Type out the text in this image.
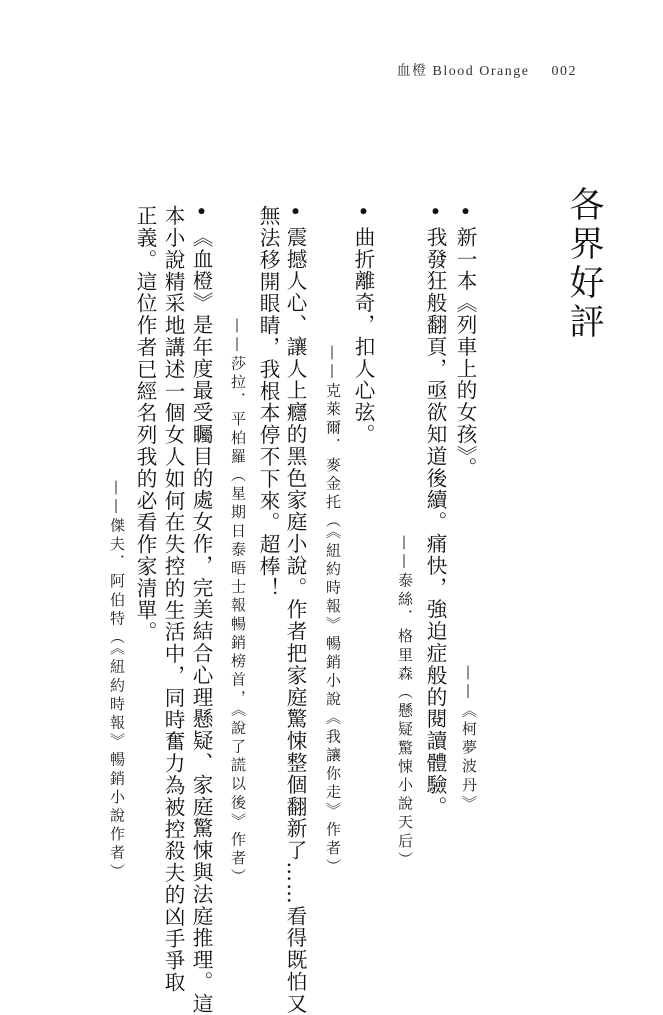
血橙 Blood Orange 002
各界好評
• 新一本《列車上的女孩》。
——《柯夢波丹》
• 我發狂般翻頁，亟欲知道後續。痛快，強迫症般的閱讀體驗。
——泰絲．格里森（懸疑驚悚小說天后）
• 曲折離奇，扣人心弦。
——克萊爾．麥金托（《紐約時報》暢銷小說《我讓你走》作者）
• 震撼人心、讓人上癮的黑色家庭小說。作者把家庭驚悚整個翻新了……看得既怕又
無法移開眼睛，我根本停不下來。超棒！
——莎拉．平柏羅（星期日泰晤士報暢銷榜首，《說了謊以後》作者）
• 《血橙》是年度最受矚目的處女作，完美結合心理懸疑、家庭驚悚與法庭推理。這
本小說精采地講述一個女人如何在失控的生活中，同時奮力為被控殺夫的凶手爭取
正義。這位作者已經名列我的必看作家清單。
——傑夫．阿伯特（《紐約時報》暢銷小說作者）
